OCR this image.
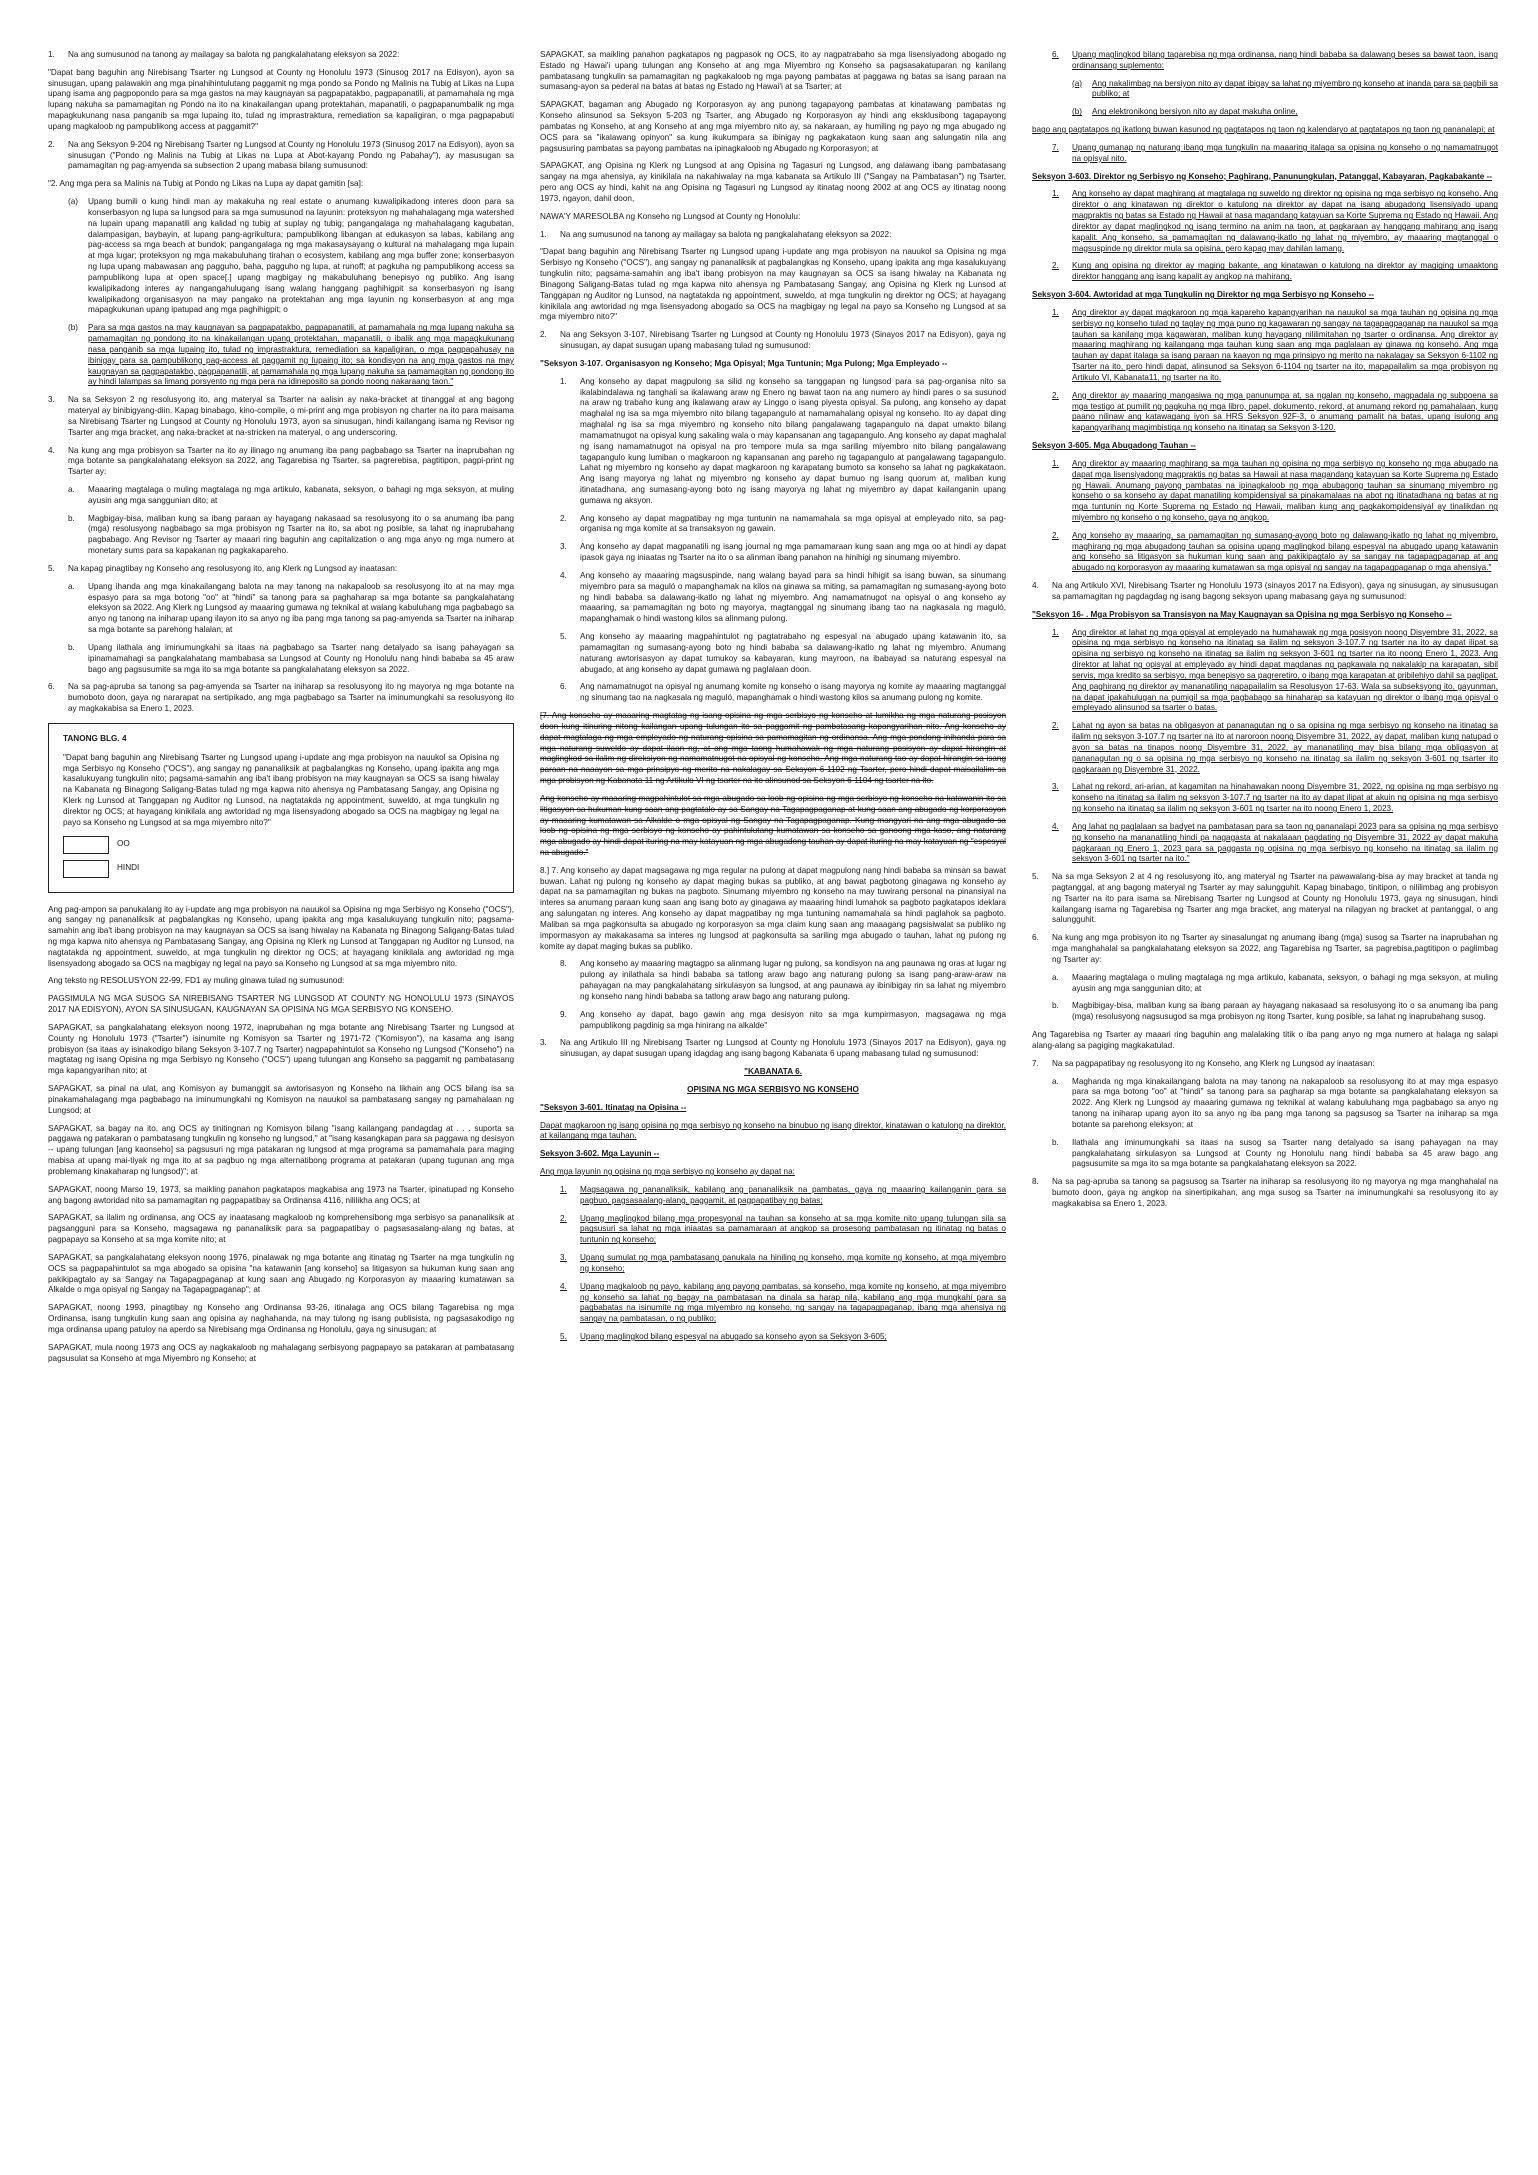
1.	Na ang sumusunod na tanong ay mailagay sa balota ng pangkalahatang eleksyon sa 2022:

"Dapat bang baguhin ang Nirebisang Tsarter ng Lungsod at County ng Honolulu 1973 (Sinusog 2017 na Edisyon), ayon sa sinusugan, upang palawakin ang mga pinahihintulutang paggamit ng mga pondo sa Pondo ng Malinis na Tubig at Likas na Lupa upang isama ang pagpopondo para sa mga gastos na may kaugnayan sa pagpapatakbo, pagpapanatili, at pamamahala ng mga lupang nakuha sa pamamagitan ng Pondo na ito na kinakailangan upang protektahan, mapanatili, o pagpapanumbalik ng mga mapagkukunang nasa panganib sa mga lupaing ito, tulad ng imprastraktura, remediation sa kapaligiran, o mga pagpapabuti upang magkaloob ng pampublikong access at paggamit?"

2.	Na ang Seksyon 9-204 ng Nirebisang Tsarter ng Lungsod at County ng Honolulu 1973 (Sinusog 2017 na Edisyon), ayon sa sinusugan ("Pondo ng Malinis na Tubig at Likas na Lupa at Abot-kayang Pondo ng Pabahay"), ay masusugan sa pamamagitan ng pag-amyenda sa subsection 2 upang mabasa bilang sumusunod:

"2. Ang mga pera sa Malinis na Tubig at Pondo ng Likas na Lupa ay dapat gamitin [sa]:

(a)	Upang bumili o kung hindi man ay makakuha ng real estate o anumang kuwalipikadong interes doon para sa konserbasyon ng lupa sa lungsod para sa mga sumusunod na layunin: proteksyon ng mahahalagang mga watershed na lupain upang mapanatili ang kalidad ng tubig at suplay ng tubig; pangangalaga ng mahahalagang kagubatan, dalampasigan, baybayin, at lupang pang-agrikultura; pampublikong libangan at edukasyon sa labas, kabilang ang pag-access sa mga beach at bundok; pangangalaga ng mga makasaysayang o kultural na mahalagang mga lupain at mga lugar; proteksyon ng mga makabuluhang tirahan o ecosystem, kabilang ang mga buffer zone; konserbasyon ng lupa upang mabawasan ang pagguho, baha, pagguho ng lupa, at runoff; at pagkuha ng pampublikong access sa pampublikong lupa at open space[.] upang magbigay ng makabuluhang benepisyo ng publiko. Ang isang kwalipikadong interes ay nangangahulugang isang walang hanggang paghihigpit sa konserbasyon ng isang kwalipikadong organisasyon na may pangako na protektahan ang mga layunin ng konserbasyon at ang mga mapagkukunan upang ipatupad ang mga paghihigpit; o
(b)	Para sa mga gastos na may kaugnayan sa pagpapatakbo, pagpapanatili, at pamamahala ng mga lupang nakuha sa pamamagitan ng pondong ito na kinakailangan upang protektahan, mapanatili, o ibalik ang mga mapagkukunang nasa panganib sa mga lupaing ito, tulad ng imprastraktura, remediation sa kapaligiran, o mga pagpapahusay na ibinigay para sa pampublikong pag-access at paggamit ng lupaing ito; sa kondisyon na ang mga gastos na may kaugnayan sa pagpapatakbo, pagpapanatili, at pamamahala ng mga lupang nakuha sa pamamagitan ng pondong ito ay hindi lalampas sa limang porsyento ng mga pera na idineposito sa pondo noong nakaraang taon."
3.	Na sa Seksyon 2 ng resolusyong ito, ang materyal sa Tsarter na aalisin ay naka-bracket at tinanggal at ang bagong materyal ay binibigyang-diin. Kapag binabago, kino-compile, o mi-print ang mga probisyon ng charter na ito para maisama sa Nirebisang Tsarter ng Lungsod at County ng Honolulu 1973, ayon sa sinusugan, hindi kailangang isama ng Revisor ng Tsarter ang mga bracket, ang naka-bracket at na-stricken na materyal, o ang underscoring.
4.	Na kung ang mga probisyon sa Tsarter na ito ay ilinago ng anumang iba pang pagbabago sa Tsarter na inaprubahan ng mga botante sa pangkalahatang eleksyon sa 2022, ang Tagarebisa ng Tsarter, sa pagrerebisa, pagtitipon, pagpi-print ng Tsarter ay:
a.	Maaaring magtalaga o muling magtalaga ng mga artikulo, kabanata, seksyon, o bahagi ng mga seksyon, at muling ayusin ang mga sanggunian dito; at
b.	Magbigay-bisa, maliban kung sa ibang paraan ay hayagang nakasaad sa resolusyong ito o sa anumang iba pang (mga) resolusyong nagbabago sa mga probisyon ng Tsarter na ito, sa abot ng posible, sa lahat ng inaprubahang pagbabago. Ang Revisor ng Tsarter ay maaari ring baguhin ang capitalization o ang mga anyo ng mga numero at monetary sums para sa kapakanan ng pagkakapareho.
5.	Na kapag pinagtibay ng Konseho ang resolusyong ito, ang Klerk ng Lungsod ay inaatasan:
a.	Upang ihanda ang mga kinakailangang balota na may tanong na nakapaloob sa resolusyong ito at na may mga espasyo para sa mga botong "oo" at "hindi" sa tanong para sa paghaharap sa mga botante sa pangkalahatang eleksyon sa 2022. Ang Klerk ng Lungsod ay maaaring gumawa ng teknikal at walang kabuluhang mga pagbabago sa anyo ng tanong na iniharap upang ilayon ito sa anyo ng iba pang mga tanong sa pag-amyenda sa Tsarter na iniharap sa mga botante sa parehong halalan; at
b.	Upang ilathala ang iminumungkahi sa itaas na pagbabago sa Tsarter nang detalyado sa isang pahayagan sa ipinamamahagi sa pangkalahatang mambabasa sa Lungsod at County ng Honolulu nang hindi bababa sa 45 araw bago ang pagsusumite sa mga ito sa mga botante sa pangkalahatang eleksyon sa 2022.
6.	Na sa pag-apruba sa tanong sa pag-amyenda sa Tsarter na iniharap sa resolusyong ito ng mayorya ng mga botante na bumoboto doon, gaya ng nararapat na sertipikado, ang mga pagbabago sa Tsarter na iminumungkahi sa resolusyong ito ay magkakabisa sa Enero 1, 2023.
TANONG BLG. 4

"Dapat bang baguhin ang Nirebisang Tsarter ng Lungsod upang i-update ang mga probisyon na nauukol sa Opisina ng mga Serbisyo ng Konseho ("OCS"), ang sangay ng pananaliksik at pagbalangkas ng Konseho, upang ipakita ang mga kasalukuyang tungkulin nito; pagsama-samahin ang iba't ibang probisyon na may kaugnayan sa OCS sa isang hiwalay na Kabanata ng Binagong Saligang-Batas tulad ng mga kapwa nito ahensya ng Pambatasang Sangay, ang Opisina ng Klerk ng Lunsod at Tanggapan ng Auditor ng Lunsod, na nagtatakda ng appointment, suweldo, at mga tungkulin ng direktor ng OCS; at hayagang kinikilala ang awtoridad ng mga lisensyadong abogado sa OCS na magbigay ng legal na payo sa Konseho ng Lungsod at sa mga miyembro nito?"

OO
HINDI

Ang pag-ampon sa panukalang ito ay i-update ang mga probisyon na nauukol sa Opisina ng mga Serbisyo ng Konseho ("OCS"), ang sangay ng pananaliksik at pagbalangkas ng Konseho, upang ipakita ang mga kasalukuyang tungkulin nito; pagsama-samahin ang iba't ibang probisyon na may kaugnayan sa OCS sa isang hiwalay na Kabanata ng Binagong Saligang-Batas tulad ng mga kapwa nito ahensya ng Pambatasang Sangay, ang Opisina ng Klerk ng Lunsod at Tanggapan ng Auditor ng Lunsod, na nagtatakda ng appointment, suweldo, at mga tungkulin ng direktor ng OCS; at hayagang kinikilala ang awtoridad ng mga lisensyadong abogado sa OCS na magbigay ng legal na payo sa Konseho ng Lungsod at sa mga miyembro nito.

Ang teksto ng RESOLUSYON 22-99, FD1 ay muling ginawa tulad ng sumusunod:

PAGSIMULA NG MGA SUSOG SA NIREBISANG TSARTER NG LUNGSOD AT COUNTY NG HONOLULU 1973 (SINAYOS 2017 NA EDISYON), AYON SA SINUSUGAN, KAUGNAYAN SA OPISINA NG MGA SERBISYO NG KONSEHO.

SAPAGKAT, sa pangkalahatang eleksyon noong 1972, inaprubahan ng mga botante ang Nirebisang Tsarter ng Lungsod at County ng Honolulu 1973 ("Tsarter") isinumite ng Komisyon sa Tsarter ng 1971-72 ("Komisyon"), na kasama ang isang probisyon (sa itaas ay isinakodigo bilang Seksyon 3-107.7 ng Tsarter) nagpapahintulot sa Konseho ng Lungsod ("Konseho") na magtatag ng isang Opisina ng mga Serbisyo ng Konseho ("OCS") upang tulungan ang Konseho sa paggamit ng pambatasang mga kapangyarihan nito; at

SAPAGKAT, sa pinal na ulat, ang Komisyon ay bumanggit sa awtorisasyon ng Konseho na likhain ang OCS bilang isa sa pinakamahalagang mga pagbabago na iminumungkahi ng Komisyon na nauukol sa pambatasang sangay ng pamahalaan ng Lungsod; at

SAPAGKAT, sa bagay na ito, ang OCS ay tinitingnan ng Komisyon bilang "isang kailangang pandagdag at . . . suporta sa paggawa ng patakaran o pambatasang tungkulin ng konseho ng lungsod," at "isang kasangkapan para sa paggawa ng desisyon -- upang tulungan [ang kaonseho] sa pagsusuri ng mga patakaran ng lungsod at mga programa sa pamamahala para maging mabisa at upang mai-tiyak ng mga ito at sa pagbuo ng mga alternatibong programa at patakaran (upang tugunan ang mga problemang kinakaharap ng lungsod)"; at

SAPAGKAT, noong Marso 19, 1973, sa maikling panahon pagkatapos magkabisa ang 1973 na Tsarter, ipinatupad ng Konseho ang bagong awtoridad nito sa pamamagitan ng pagpapatibay sa Ordinansa 4116, nililikha ang OCS; at

SAPAGKAT, sa ilalim ng ordinansa, ang OCS ay inaatasang magkaloob ng komprehensibong mga serbisyo sa pananaliksik at pagsangguni para sa Konseho, magsagawa ng pananaliksik para sa pagpapatibay o pagsasasalang-alang ng batas, at pagpapayo sa Konseho at sa mga komite nito; at

SAPAGKAT, sa pangkalahatang eleksyon noong 1976, pinalawak ng mga botante ang itinatag ng Tsarter na mga tungkulin ng OCS sa pagpapahintulot sa mga abogado sa opisina "na katawanin [ang konseho] sa litigasyon sa hukuman kung saan ang pakikipagtalo ay sa Sangay na Tagapagpaganap at kung saan ang Abugado ng Korporasyon ay maaaring kumatawan sa Alkalde o mga opisyal ng Sangay na Tagapagpaganap"; at

SAPAGKAT, noong 1993, pinagtibay ng Konseho ang Ordinansa 93-26, itinalaga ang OCS bilang Tagarebisa ng mga Ordinansa, isang tungkulin kung saan ang opisina ay naghahanda, na may tulong ng isang publisista, ng pagsasakodigo ng mga ordinansa upang patuloy na aperdo sa Nirebisang mga Ordinansa ng Honolulu, gaya ng sinusugan; at

SAPAGKAT, mula noong 1973 ang OCS ay nagkakaloob ng mahalagang serbisyong pagpapayo sa patakaran at pambatasang pagsusulat sa Konseho at mga Miyembro ng Konseho; at

SAPAGKAT, sa maikling panahon pagkatapos ng pagpasok ng OCS, ito ay nagpatrabaho sa mga lisensiyadong abogado ng Estado ng Hawai'i upang tulungan ang Konseho at ang mga Miyembro ng Konseho sa pagsasakatuparan ng kanilang pambatasang tungkulin sa pamamagitan ng pagkakaloob ng mga payong pambatas at paggawa ng batas sa isang paraan na sumasang-ayon sa pederal na batas at batas ng Estado ng Hawai'i at sa Tsarter; at

SAPAGKAT, bagaman ang Abugado ng Korporasyon ay ang punong tagapayong pambatas at kinatawang pambatas ng Konseho alinsunod sa Seksyon 5-203 ng Tsarter, ang Abugado ng Korporasyon ay hindi ang eksklusibong tagapayong pambatas ng Konseho, at ang Konseho at ang mga miyembro nito ay, sa nakaraan, ay humiling ng payo ng mga abugado ng OCS para sa "ikalawang opinyon" sa kung ikukumpara sa ibinigay ng pagkakataon kung saan ang salungatin nila ang pagsusuring pambatas sa payong pambatas na ipinagkaloob ng Abugado ng Korporasyon; at

SAPAGKAT, ang Opisina ng Klerk ng Lungsod at ang Opisina ng Tagasuri ng Lungsod, ang dalawang ibang pambatasang sangay na mga ahensiya, ay kinikilala na nakahiwalay na mga kabanata sa Artikulo III ("Sangay na Pambatasan") ng Tsarter, pero ang OCS ay hindi, kahit na ang Opisina ng Tagasuri ng Lungsod ay itinatag noong 2002 at ang OCS ay itinatag noong 1973, ngayon, dahil doon,

NAWA'Y MARESOLBA ng Konseho ng Lungsod at County ng Honolulu:

1.	Na ang sumusunod na tanong ay mailagay sa balota ng pangkalahatang eleksyon sa 2022:

"Dapat bang baguhin ang Nirebisang Tsarter ng Lungsod upang i-update ang mga probisyon na nauukol sa Opisina ng mga Serbisyo ng Konseho ("OCS"), ang sangay ng pananaliksik at pagbalangkas ng Konseho, upang ipakita ang mga kasalukuyang tungkulin nito; pagsama-samahin ang iba't ibang probisyon na may kaugnayan sa OCS sa isang hiwalay na Kabanata ng Binagong Saligang-Batas tulad ng mga kapwa nito ahensya ng Pambatasang Sangay, ang Opisina ng Klerk ng Lunsod at Tanggapan ng Auditor ng Lunsod, na nagtatakda ng appointment, suweldo, at mga tungkulin ng direktor ng OCS; at hayagang kinikilala ang awtoridad ng mga lisensyadong abogado sa OCS na magbigay ng legal na payo sa Konseho ng Lungsod at sa mga miyembro nito?"

2.	Na ang Seksyon 3-107, Nirebisang Tsarter ng Lungsod at County ng Honolulu 1973 (Sinayos 2017 na Edisyon), gaya ng sinusugan, ay dapat susugan upang mabasang tulad ng sumusunod:

"Seksyon 3-107. Organisasyon ng Konseho; Mga Opisyal; Mga Tuntunin; Mga Pulong; Mga Empleyado --

1.	Ang konseho ay dapat magpulong sa silid ng konseho sa tanggapan ng lungsod para sa pag-organisa nito sa ikalabindalawa ng tanghali sa ikalawang araw ng Enero ng bawat taon na ang numero ay hindi pares o sa susunod na araw ng trabaho kung ang ikalawang araw ay Linggo o isang piyesta opisyal. Sa pulong, ang konseho ay dapat maghalal ng isa sa mga miyembro nito bilang tagapangulo at namamahalang opisyal ng konseho. Ito ay dapat ding maghalal ng isa sa mga miyembro ng konseho nito bilang pangalawang tagapangulo na dapat umakto bilang mamamatnugot na opisyal kung sakaling wala o may kapansanan ang tagapangulo. Ang konseho ay dapat maghalal ng isang namamatnugot na opisyal na pro tempore mula sa mga sariling miyembro nito bilang pangalawang tagapangulo kung lumiban o magkaroon ng kapansanan ang pareho ng tagapangulo at pangalawang tagapangulo. Lahat ng miyembro ng konseho ay dapat magkaroon ng karapatang bumoto sa konseho sa lahat ng pagkakataon. Ang isang mayorya ng lahat ng miyembro ng konseho ay dapat bumuo ng isang quorum at, maliban kung itinatadhana, ang sumasang-ayong boto ng isang mayorya ng lahat ng miyembro ay dapat kailanganin upang gumawa ng aksyon.
2.	Ang konseho ay dapat magpatibay ng mga tuntunin na namamahala sa mga opisyal at empleyado nito, sa pag-organisa ng mga komite at sa transaksyon ng gawain.
3.	Ang konseho ay dapat magpanatili ng isang journal ng mga pamamaraan kung saan ang mga oo at hindi ay dapat ipasok gaya ng iniaatas ng Tsarter na ito o sa alinman ibang panahon na hinihigi ng sinumang miyembro.
4.	Ang konseho ay maaaring magsuspinde, nang walang bayad para sa hindi hihigit sa isang buwan, sa sinumang miyembro para sa maguló o mapanghamak na kilos na ginawa sa miting, sa pamamagitan ng sumasang-ayong boto ng hindi bababa sa dalawang-ikatlo ng lahat ng miyembro. Ang namamatnugot na opisyal o ang konseho ay maaaring, sa pamamagitan ng boto ng mayorya, magtanggal ng sinumang ibang tao na nagkasala ng maguló, mapanghamak o hindi wastong kilos sa alinmang pulong.
5.	Ang konseho ay maaaring magpahintulot ng pagtatrabaho ng espesyal na abugado upang katawanin ito, sa pamamagitan ng sumasang-ayong boto ng hindi bababa sa dalawang-ikatlo ng lahat ng miyembro. Anumang naturang awtorisasyon ay dapat tumukoy sa kabayaran, kung mayroon, na ibabayad sa naturang espesyal na abugado, at ang konseho ay dapat gumawa ng paglalaan doon.
6.	Ang namamatnugot na opisyal ng anumang komite ng konseho o isang mayorya ng komite ay maaaring magtanggal ng sinumang tao na nagkasala ng maguló, mapanghamak o hindi wastong kilos sa anumang pulong ng komite.

[7. Ang konseho ay maaaring magtatag ng isang opisina ng mga serbisyo ng konseho at lumikha ng mga naturang posisyon doon kung itinuring nitong kailangan upang tulungan ito sa paggamit ng pambatasang kapangyarihan nito. Ang konseho ay dapat magtalaga ng mga empleyado ng naturang opisina sa pamamagitan ng ordinansa. Ang mga pondong inihanda para sa mga naturang suweldo ay dapat ilaan ng, at ang mga taong humahawak ng mga naturang posisyon ay dapat hirangin at maglingkod sa ilalim ng direksiyon ng namamatnugot na opisyal ng konseho. Ang mga naturang tao ay dapat hirangin sa isang paraan na naaayon sa mga prinsipyo ng merito na nakalagay sa Seksyon 6-1102 ng Tsarter, pero hindi dapat maisailalim sa mga probisyon ng Kabanata 11 ng Artikulo VI ng tsarter na ito alinsunod sa Seksyon 6-1104 ng tsarter na ito.

Ang konseho ay maaaring magpahintulot sa mga abugado sa loob ng opisina ng mga serbisyo ng konseho na katawanin ito sa litigasyon sa hukuman kung saan ang pagtatalo ay sa Sangay na Tagapagpaganap at kung saan ang abugado ng korporasyon ay maaaring kumatawan sa Alkalde o mga opisyal ng Sangay na Tagapagpaganap. Kung mangyari na ang mga abugado sa loob ng opisina ng mga serbisyo ng konseho ay pahintulutang kumatawan sa konseho sa ganoong mga kaso, ang naturang mga abugado ay hindi dapat ituring na may katayuan ng mga abugadong tauhan ay dapat ituring na may katayuan ng "espesyal na abugado."

8.] 7. Ang konseho ay dapat magsagawa ng mga regular na pulong at dapat magpulong nang hindi bababa sa minsan sa bawat buwan. Lahat ng pulong ng konseho ay dapat maging bukas sa publiko, at ang bawat pagbotong ginagawa ng konseho ay dapat na sa pamamagitan ng bukas na pagboto. Sinumang miyembro ng konseho na may tuwirang personal na pinansiyal na interes sa anumang paraan kung saan ang isang boto ay ginagawa ay maaaring hindi lumahok sa pagboto pagkatapos ideklara ang salungatan ng interes. Ang konseho ay dapat magpatibay ng mga tuntuning namamahala sa hindi paglahok sa pagboto. Maliban sa mga pagkonsulta sa abugado ng korporasyon sa mga claim kung saan ang maaagang pagsisiwalat sa publiko ng impormasyon ay makakasama sa interes ng lungsod at pagkonsulta sa sariling mga abugado o tauhan, lahat ng pulong ng komite ay dapat maging bukas sa publiko.

8.	Ang konseho ay maaaring magtagpo sa alinmang lugar ng pulong, sa kondisyon na ang paunawa ng oras at lugar ng pulong ay inilathala sa hindi bababa sa tatlong araw bago ang naturang pulong sa isang pang-araw-araw na pahayagan na may pangkalahatang sirkulasyon sa lungsod, at ang paunawa ay ibinibigay rin sa lahat ng miyembro ng konseho nang hindi bababa sa tatlong araw bago ang naturang pulong.
9.	Ang konseho ay dapat, bago gawin ang mga desisyon nito sa mga kumpirmasyon, magsagawa ng mga pampublikong pagdinig sa mga hinirang na alkalde"
3.	Na ang Artikulo III ng Nirebisang Tsarter ng Lungsod at County ng Honolulu 1973 (Sinayos 2017 na Edisyon), gaya ng sinusugan, ay dapat susugan upang idagdag ang isang bagong Kabanata 6 upang mabasang tulad ng sumusunod:

"KABANATA 6.

OPISINA NG MGA SERBISYO NG KONSEHO

"Seksyon 3-601. Itinatag na Opisina --

Dapat magkaroon ng isang opisina ng mga serbisyo ng konseho na binubuo ng isang direktor, kinatawan o katulong na direktor, at kailangang mga tauhan.

Seksyon 3-602. Mga Layunin --

Ang mga layunin ng opisina ng mga serbisyo ng konseho ay dapat na:

1.	Magsagawa ng pananaliksik, kabilang ang pananaliksik na pambatas, gaya ng maaaring kailanganin para sa pagbuo, pagsasaalang-alang, paggamit, at pagpapatibay ng batas;
2.	Upang maglingkod bilang mga propesyonal na tauhan sa konseho at sa mga komite nito upang tulungan sila sa pagsusuri sa lahat ng mga iniaatas sa pamamaraan at angkop sa prosesong pambatasan ng itinatag ng batas o tuntunin ng konseho;
3.	Upang sumulat ng mga pambatasang panukala na hiniling ng konseho, mga komite ng konseho, at mga miyembro ng konseho;
4.	Upang magkaloob ng payo, kabilang ang payong pambatas, sa konseho, mga komite ng konseho, at mga miyembro ng konseho sa lahat ng bagay na pambatasan na dinala sa harap nila, kabilang ang mga mungkahi para sa pagbabatas na isinumite ng mga miyembro ng konseho, ng sangay na tagapagpaganap, ibang mga ahensiya ng sangay na pambatasan, o ng publiko;
5.	Upang maglingkod bilang espesyal na abugado sa konseho ayon sa Seksyon 3-605;
6.	Upang maglingkod bilang tagarebisa ng mga ordinansa, nang hindi bababa sa dalawang beses sa bawat taon, isang ordinansang suplemento:
(a)	Ang nakalimbag na bersiyon nito ay dapat ibigay sa lahat ng miyembro ng konseho at inanda para sa pagbili sa publiko; at
(b)	Ang elektronikong bersiyon nito ay dapat makuha online,

bago ang pagtatapos ng ikatlong buwan kasunod ng pagtatapos ng taon ng kalendaryo at pagtatapos ng taon ng pananalapi; at

7.	Upang gumanap ng naturang ibang mga tungkulin na maaaring italaga sa opisina ng konseho o ng namamatnugot na opisyal nito.

Seksyon 3-603. Direktor ng Serbisyo ng Konseho; Paghirang, Panunungkulan, Patanggal, Kabayaran, Pagkabakante --

1.	Ang konseho ay dapat maghirang at magtalaga ng suweldo ng direktor ng opisina ng mga serbisyo ng konseho. Ang direktor o ang kinatawan ng direktor o katulong na direktor ay dapat na isang abugadong lisensiyado upang magpraktis ng batas sa Estado ng Hawaii at nasa magandang katayuan sa Korte Suprema ng Estado ng Hawaii. Ang direktor ay dapat maglingkod ng isang termino na anim na taon, at pagkaraan ay hanggang mahirang ang isang kapalit. Ang konseho, sa pamamagitan ng dalawang-ikatlo ng lahat ng miyembro, ay maaaring magtanggal o magsuspinde ng direktor mula sa opisina, pero kapag may dahilan lamang.
2.	Kung ang opisina ng direktor ay maging bakante, ang kinatawan o katulong na direktor ay magiging umaaktong direktor hanggang ang isang kapalit ay angkop na mahirang.

Seksyon 3-604. Awtoridad at mga Tungkulin ng Direktor ng mga Serbisyo ng Konseho --

1.	Ang direktor ay dapat magkaroon ng mga kapareho kapangyarihan na nauukol sa mga tauhan ng opisina ng mga serbisyo ng konseho tulad ng taglay ng mga puno ng kagawaran ng sangay na tagapagpaganap na nauukol sa mga tauhan sa kanilang mga kagawaran, maliban kung hayagang nililimitahan ng tsarter o ordinansa. Ang direktor ay maaaring maghirang ng kailangang mga tauhan kung saan ang mga paglalaan ay ginawa ng konseho. Ang mga tauhan ay dapat italaga sa isang paraan na kaayon ng mga prinsipyo ng merito na nakalagay sa Seksyon 6-1102 ng Tsarter na ito, pero hindi dapat, alinsunod sa Seksyon 6-1104 ng tsarter na ito, mapapailalim sa mga probisyon ng Artikulo VI, Kabanata11, ng tsarter na ito.
2.	Ang direktor ay maaaring mangasiwa ng mga panunumpa at, sa ngalan ng konseho, magpadala ng subpoena sa mga testigo at pumilit ng pagkuha ng mga libro, papel, dokumento, rekord, at anumang rekord ng pamahalaan, kung paano nilinaw ang katawagang iyon sa HRS Seksyon 92F-3, o anumang pamalit na batas, upang isulong ang kapangyarihang magimbistiga ng konseho na itinatag sa Seksyon 3-120.

Seksyon 3-605. Mga Abugadong Tauhan --

1.	Ang direktor ay maaaring maghirang sa mga tauhan ng opisina ng mga serbisyo ng konseho ng mga abugado na dapat mga lisensiyadong magpraktis ng batas sa Hawaii at nasa magandang katayuan sa Korte Suprema ng Estado ng Hawaii. Anumang payong pambatas na ipinagkaloob ng mga abubagong tauhan sa sinumang miyembro ng konseho o sa konseho ay dapat manatiling kompidensiyal sa pinakamalaas na abot ng itinatadhana ng batas at ng mga tuntunin ng Korte Suprema ng Estado ng Hawaii, maliban kung ang pagkakompidensiyal ay tinalikdan ng miyembro ng konseho o ng konseho, gaya ng angkop.
2.	Ang konseho ay maaaring, sa pamamagitan ng sumasang-ayong boto ng dalawang-ikatlo ng lahat ng miyembro, maghirang ng mga abugadong tauhan sa opisina upang maglingkod bilang espesyal na abugado upang katawanin ang konseho sa litigasyon sa hukuman kung saan ang pakikipagtalo ay sa sangay na tagapagpaganap at ang abugado ng korporasyon ay maaaring kumatawan sa mga opisyal ng sangay na tagapagpaganap o mga ahensiya."
4.	Na ang Artikulo XVI, Nirebisang Tsarter ng Honolulu 1973 (sinayos 2017 na Edisyon), gaya ng sinusugan, ay sinususugan sa pamamagitan ng pagdagdag ng isang bagong seksyon upang mabasang gaya ng sumusunod:

"Seksyon 16- . Mga Probisyon sa Transisyon na May Kaugnayan sa Opisina ng mga Serbisyo ng Konseho --

1.	Ang direktor at lahat ng mga opisyal at empleyado na humahawak ng mga posisyon noong Disyembre 31, 2022, sa opisina ng mga serbisyo ng konseho na itinatag sa ilalim ng seksyon 3-107.7 ng tsarter na ito ay dapat ilipat sa opisina ng serbisyo ng konseho na itinatag sa ilalim ng seksyon 3-601 ng tsarter na ito noong Enero 1, 2023. Ang direktor at lahat ng opisyal at empleyado ay hindi dapat magdanas ng pagkawala ng nakalakip na karapatan, sibil servis, mga kredito sa serbisyo, mga benepisyo sa pagreretiro, o ibang mga karapatan at pribilehiyo dahil sa paglipat. Ang paghirang ng direktor ay mananatiling napapailalim sa Resolusyon 17-63. Wala sa subseksyong ito, gayunman, na dapat ipakahulugan na pumigil sa mga pagbabago sa hinaharap sa katayuan ng direktor o ibang mga opisyal o empleyado alinsunod sa tsarter o batas.
2.	Lahat ng ayon sa batas na obligasyon at pananagutan ng o sa opisina ng mga serbisyo ng konseho na itinatag sa ilalim ng seksyon 3-107.7 ng tsarter na ito at naroroon noong Disyembre 31, 2022, ay dapat, maliban kung natupad o ayon sa batas na tinapos noong Disyembre 31, 2022, ay mananatiling may bisa bilang mga obligasyon at pananagutan ng o sa opisina ng mga serbisyo ng konseho na itinatag sa ilalim ng seksyon 3-601 ng tsarter ito pagkaraan ng Disyembre 31, 2022.
3.	Lahat ng rekord, ari-arian, at kagamitan na hinahawakan noong Disyembre 31, 2022, ng opisina ng mga serbisyo ng konseho na itinatag sa ilalim ng seksyon 3-107.7 ng tsarter na ito ay dapat ilipat at akuin ng opisina ng mga serbisyo ng konseho na itinatag sa ilalim ng seksyon 3-601 ng tsarter na ito noong Enero 1, 2023.
4.	Ang lahat ng paglalaan sa badyet na pambatasan para sa taon ng pananalapi 2023 para sa opisina ng mga serbisyo ng konseho na mananatiling hindi pa nagagasta at nakalaaan pagdating ng Disyembre 31, 2022 ay dapat makuha pagkaraan ng Enero 1, 2023 para sa paggasta ng opisina ng mga serbisyo ng konseho na itinatag sa ilalim ng seksyon 3-601 ng tsarter na ito."
5.	Na sa mga Seksyon 2 at 4 ng resolusyong ito, ang materyal ng Tsarter na pawawalang-bisa ay may bracket at tanda ng pagtanggal, at ang bagong materyal ng Tsarter ay may salungguhit. Kapag binabago, tinitipon, o nililimbag ang probisyon ng Tsarter na ito para isama sa Nirebisang Tsarter ng Lungsod at County ng Honolulu 1973, gaya ng sinusugan, hindi kailangang isama ng Tagarebisa ng Tsarter ang mga bracket, ang materyal na nilagyan ng bracket at pantanggal, o ang salungguhit.
6.	Na kung ang mga probisyon ito ng Tsarter ay sinasalungat ng anumang ibang (mga) susog sa Tsarter na inaprubahan ng mga manghahalal sa pangkalahatang eleksyon sa 2022, ang Tagarebisa ng Tsarter, sa pagrebisa,pagtitipon o paglimbag ng Tsarter ay:
a.	Maaaring magtalaga o muling magtalaga ng mga artikulo, kabanata, seksyon, o bahagi ng mga seksyon, at muling ayusin ang mga sanggunian dito; at
b.	Magbibigay-bisa, maliban kung sa ibang paraan ay hayagang nakasaad sa resolusyong ito o sa anumang iba pang (mga) resolusyong nagsusugod sa mga probisyon ng itong Tsarter, kung posible, sa lahat ng inaprubahang susog.

Ang Tagarebisa ng Tsarter ay maaari ring baguhin ang malalaking titik o iba pang anyo ng mga numero at halaga ng salapi alang-alang sa pagiging magkakatulad.

7.	Na sa pagpapatibay ng resolusyong ito ng Konseho, ang Klerk ng Lungsod ay inaatasan:
a.	Maghanda ng mga kinakailangang balota na may tanong na nakapaloob sa resolusyong ito at may mga espasyo para sa mga botong "oo" at "hindi" sa tanong para sa pagharap sa mga botante sa pangkalahatang eleksyon sa 2022. Ang Klerk ng Lungsod ay maaaring gumawa ng teknikal at walang kabuluhang mga pagbabago sa anyo ng tanong na iniharap upang ayon ito sa anyo ng iba pang mga tanong sa pagsusog sa Tsarter na iniharap sa mga botante sa parehong eleksyon; at
b.	Ilathala ang iminumungkahi sa itaas na susog sa Tsarter nang detalyado sa isang pahayagan na may pangkalahatang sirkulasyon sa Lungsod at County ng Honolulu nang hindi bababa sa 45 araw bago ang pagsusumite sa mga ito sa mga botante sa pangkalahatang eleksyon sa 2022.
8.	Na sa pag-apruba sa tanong sa pagsusog sa Tsarter na iniharap sa resolusyong ito ng mayorya ng mga manghahalal na bumoto doon, gaya ng angkop na sinertipikahan, ang mga susog sa Tsarter na iminumungkahi sa resolusyong ito ay magkakabisa sa Enero 1, 2023.
